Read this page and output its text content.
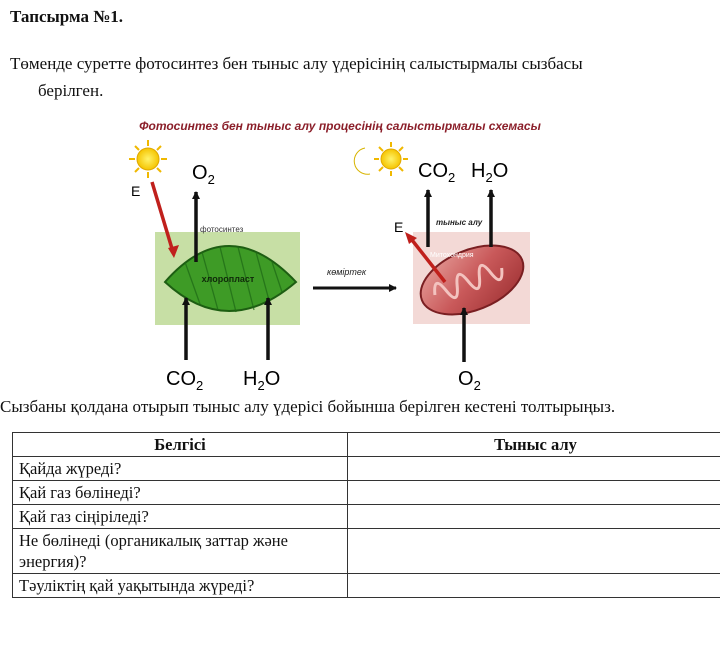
Тапсырма №1.
Төменде суретте фотосинтез бен тыныс алу үдерісінің салыстырмалы сызбасы
берілген.
Фотосинтез бен тыныс алу процесінің салыстырмалы схемасы
хлоропласт
фотосинтез
E
$O_2$
$CO_2$ $H_2O$
көміртек
Митохондрия
E	тыныс алу
$CO_2$ $H_2O$
$O_2$
Сызбаны қолдана отырып тыныс алу үдерісі бойынша берілген кестені толтырыңыз.
Белгісі	Тыныс алу
Қайда жүреді?	
Қай газ бөлінеді?	
Қай газ сіңіріледі?	
Не бөлінеді (органикалық заттар және энергия)?	
Тәуліктің қай уақытында жүреді?	
